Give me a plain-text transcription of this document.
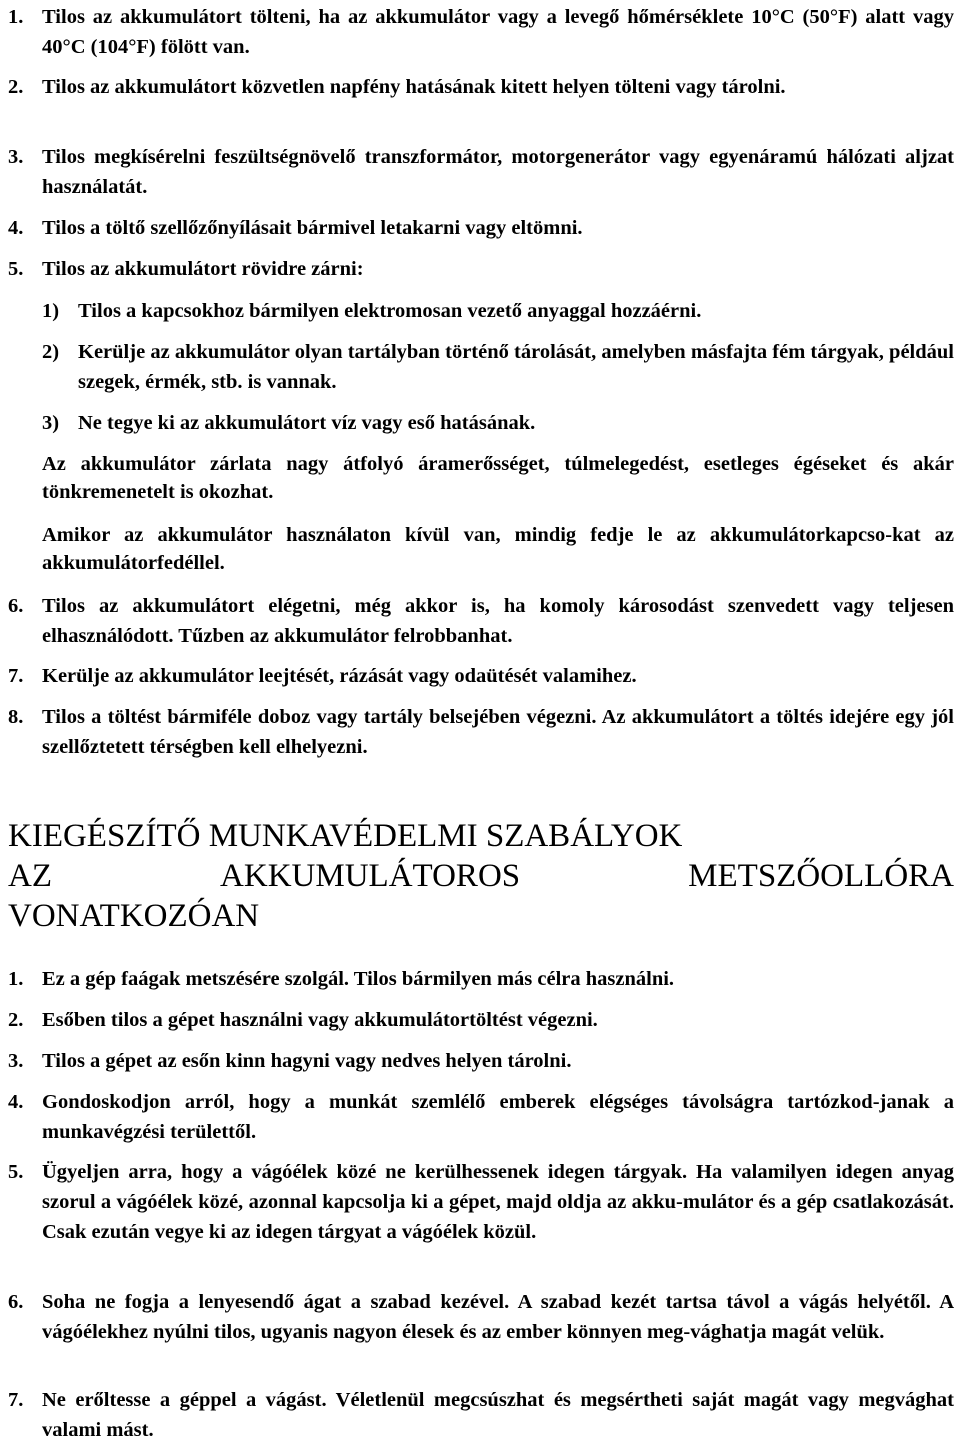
1. Tilos az akkumulátort tölteni, ha az akkumulátor vagy a levegő hőmérséklete 10°C (50°F) alatt vagy 40°C (104°F) fölött van.
2. Tilos az akkumulátort közvetlen napfény hatásának kitett helyen tölteni vagy tárolni.
3. Tilos megkísérelni feszültségnövelő transzformátor, motorgenerátor vagy egyenáramú hálózati aljzat használatát.
4. Tilos a töltő szellőzőnyílásait bármivel letakarni vagy eltömni.
5. Tilos az akkumulátort rövidre zárni:
1) Tilos a kapcsokhoz bármilyen elektromosan vezető anyaggal hozzáérni.
2) Kerülje az akkumulátor olyan tartályban történő tárolását, amelyben másfajta fém tárgyak, például szegek, érmék, stb. is vannak.
3) Ne tegye ki az akkumulátort víz vagy eső hatásának.
Az akkumulátor zárlata nagy átfolyó áramerősséget, túlmelegedést, esetleges égéseket és akár tönkremenetelt is okozhat.
Amikor az akkumulátor használaton kívül van, mindig fedje le az akkumulátorkapcso-kat az akkumulátorfedéllel.
6. Tilos az akkumulátort elégetni, még akkor is, ha komoly károsodást szenvedett vagy teljesen elhasználódott. Tűzben az akkumulátor felrobbanhat.
7. Kerülje az akkumulátor leejtését, rázását vagy odaütését valamihez.
8. Tilos a töltést bármiféle doboz vagy tartály belsejében végezni. Az akkumulátort a töltés idejére egy jól szellőztetett térségben kell elhelyezni.
KIEGÉSZÍTŐ MUNKAVÉDELMI SZABÁLYOK
AZ	AKKUMULÁTOROS	METSZŐOLLÓRA
VONATKOZÓAN
1. Ez a gép faágak metszésére szolgál. Tilos bármilyen más célra használni.
2. Esőben tilos a gépet használni vagy akkumulátortöltést végezni.
3. Tilos a gépet az esőn kinn hagyni vagy nedves helyen tárolni.
4. Gondoskodjon arról, hogy a munkát szemlélő emberek elégséges távolságra tartózkod-janak a munkavégzési területtől.
5. Ügyeljen arra, hogy a vágóélek közé ne kerülhessenek idegen tárgyak. Ha valamilyen idegen anyag szorul a vágóélek közé, azonnal kapcsolja ki a gépet, majd oldja az akku-mulátor és a gép csatlakozását. Csak ezután vegye ki az idegen tárgyat a vágóélek közül.
6. Soha ne fogja a lenyesendő ágat a szabad kezével. A szabad kezét tartsa távol a vágás helyétől. A vágóélekhez nyúlni tilos, ugyanis nagyon élesek és az ember könnyen meg-vághatja magát velük.
7. Ne erőltesse a géppel a vágást. Véletlenül megcsúszhat és megsértheti saját magát vagy megvághat valami mást.
